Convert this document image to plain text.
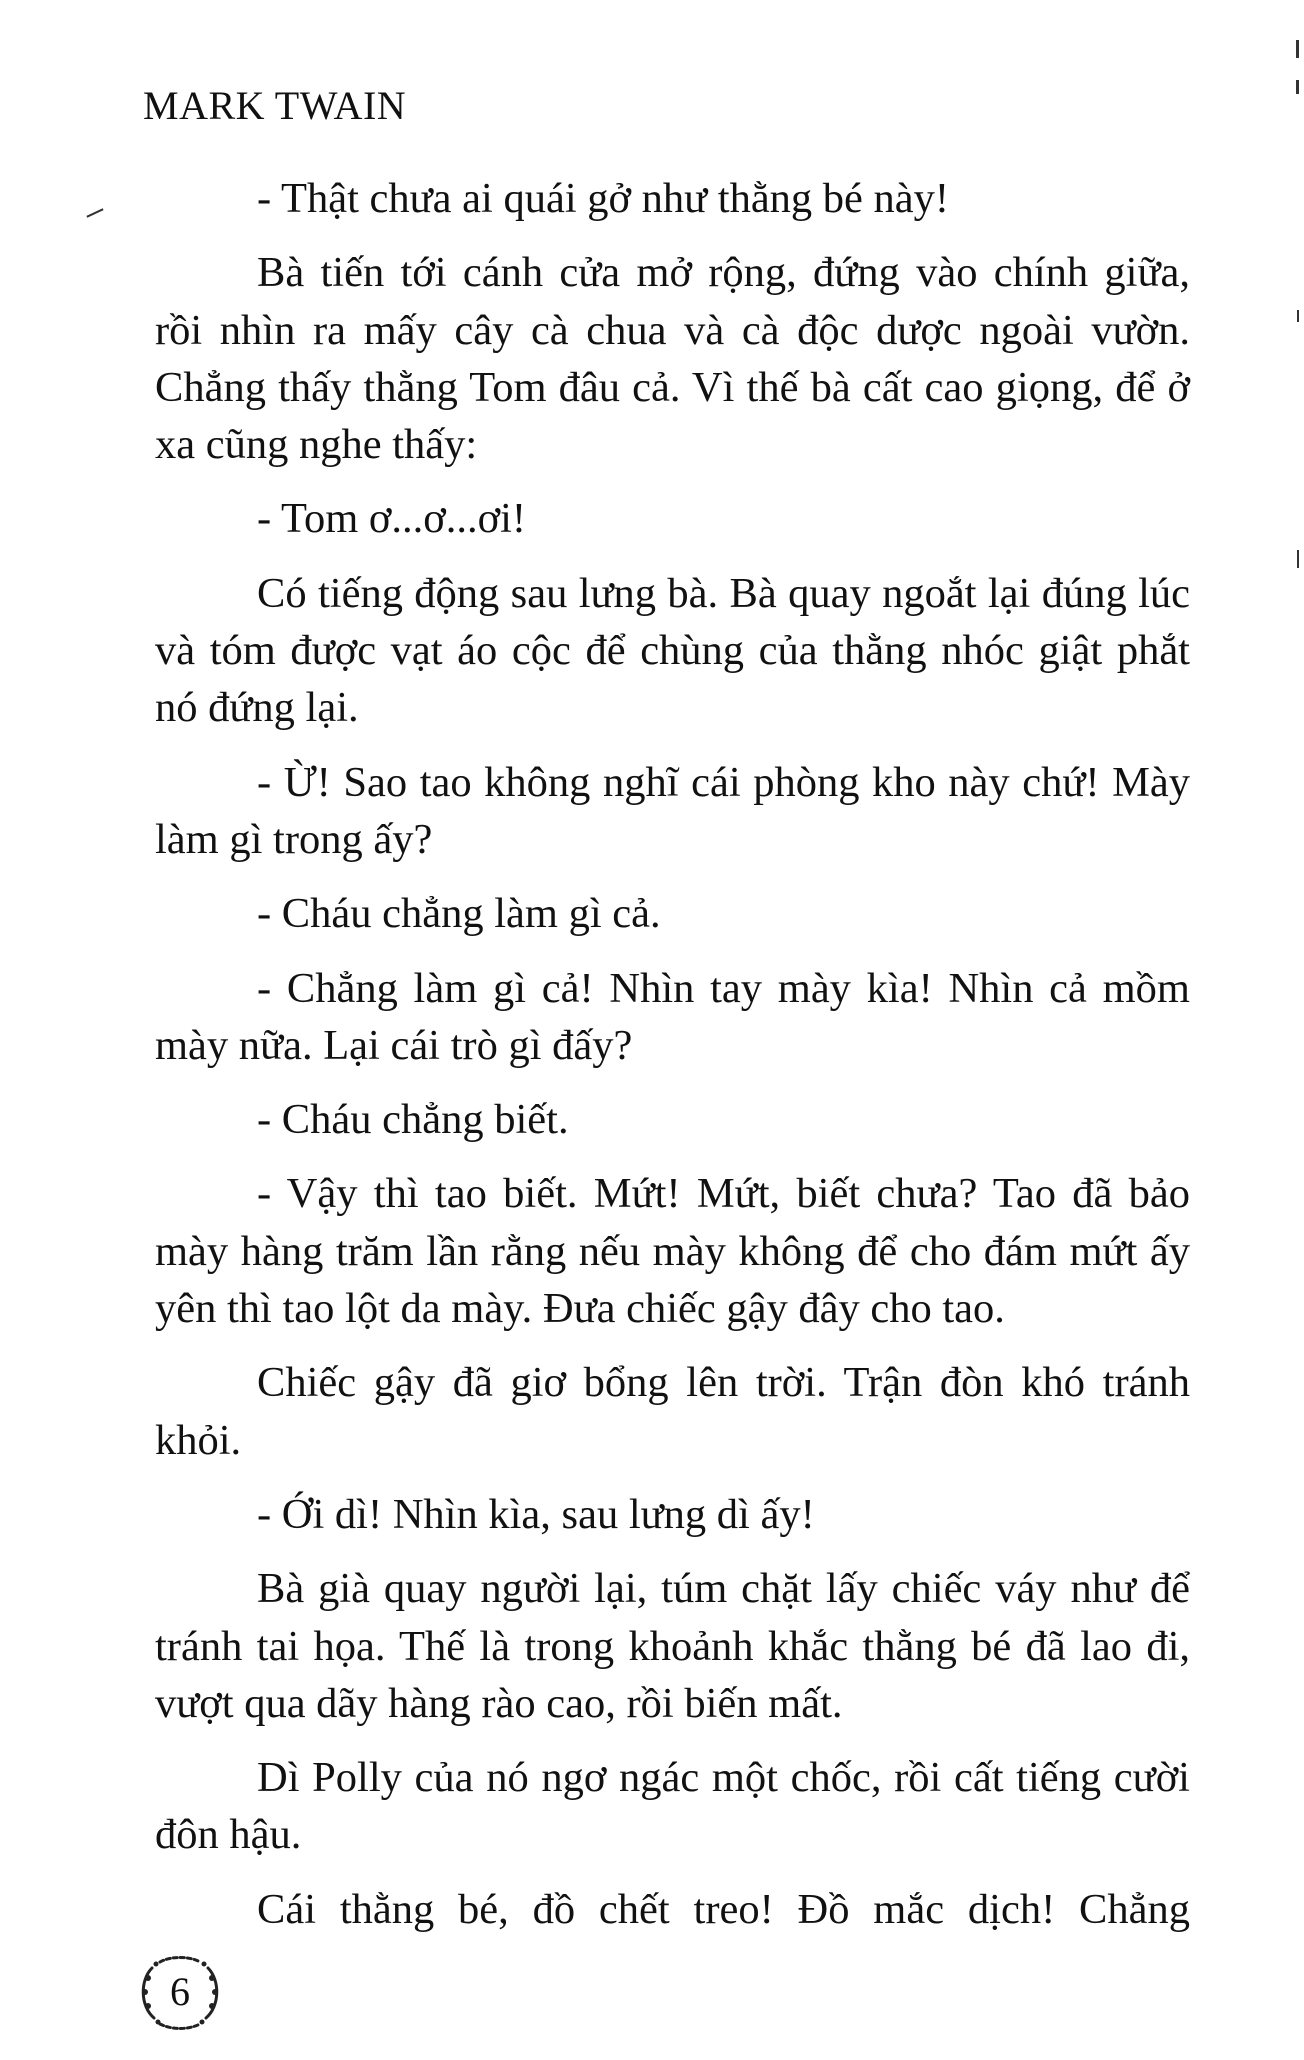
MARK TWAIN

- Thật chưa ai quái gở như thằng bé này!

Bà tiến tới cánh cửa mở rộng, đứng vào chính giữa, rồi nhìn ra mấy cây cà chua và cà độc dược ngoài vườn. Chẳng thấy thằng Tom đâu cả. Vì thế bà cất cao giọng, để ở xa cũng nghe thấy:

- Tom ơ...ơ...ơi!

Có tiếng động sau lưng bà. Bà quay ngoắt lại đúng lúc và tóm được vạt áo cộc để chùng của thằng nhóc giật phắt nó đứng lại.

- Ừ! Sao tao không nghĩ cái phòng kho này chứ! Mày làm gì trong ấy?

- Cháu chẳng làm gì cả.

- Chẳng làm gì cả! Nhìn tay mày kìa! Nhìn cả mồm mày nữa. Lại cái trò gì đấy?

- Cháu chẳng biết.

- Vậy thì tao biết. Mứt! Mứt, biết chưa? Tao đã bảo mày hàng trăm lần rằng nếu mày không để cho đám mứt ấy yên thì tao lột da mày. Đưa chiếc gậy đây cho tao.

Chiếc gậy đã giơ bổng lên trời. Trận đòn khó tránh khỏi.

- Ới dì! Nhìn kìa, sau lưng dì ấy!

Bà già quay người lại, túm chặt lấy chiếc váy như để tránh tai họa. Thế là trong khoảnh khắc thằng bé đã lao đi, vượt qua dãy hàng rào cao, rồi biến mất.

Dì Polly của nó ngơ ngác một chốc, rồi cất tiếng cười đôn hậu.

Cái thằng bé, đồ chết treo! Đồ mắc dịch! Chẳng

6
